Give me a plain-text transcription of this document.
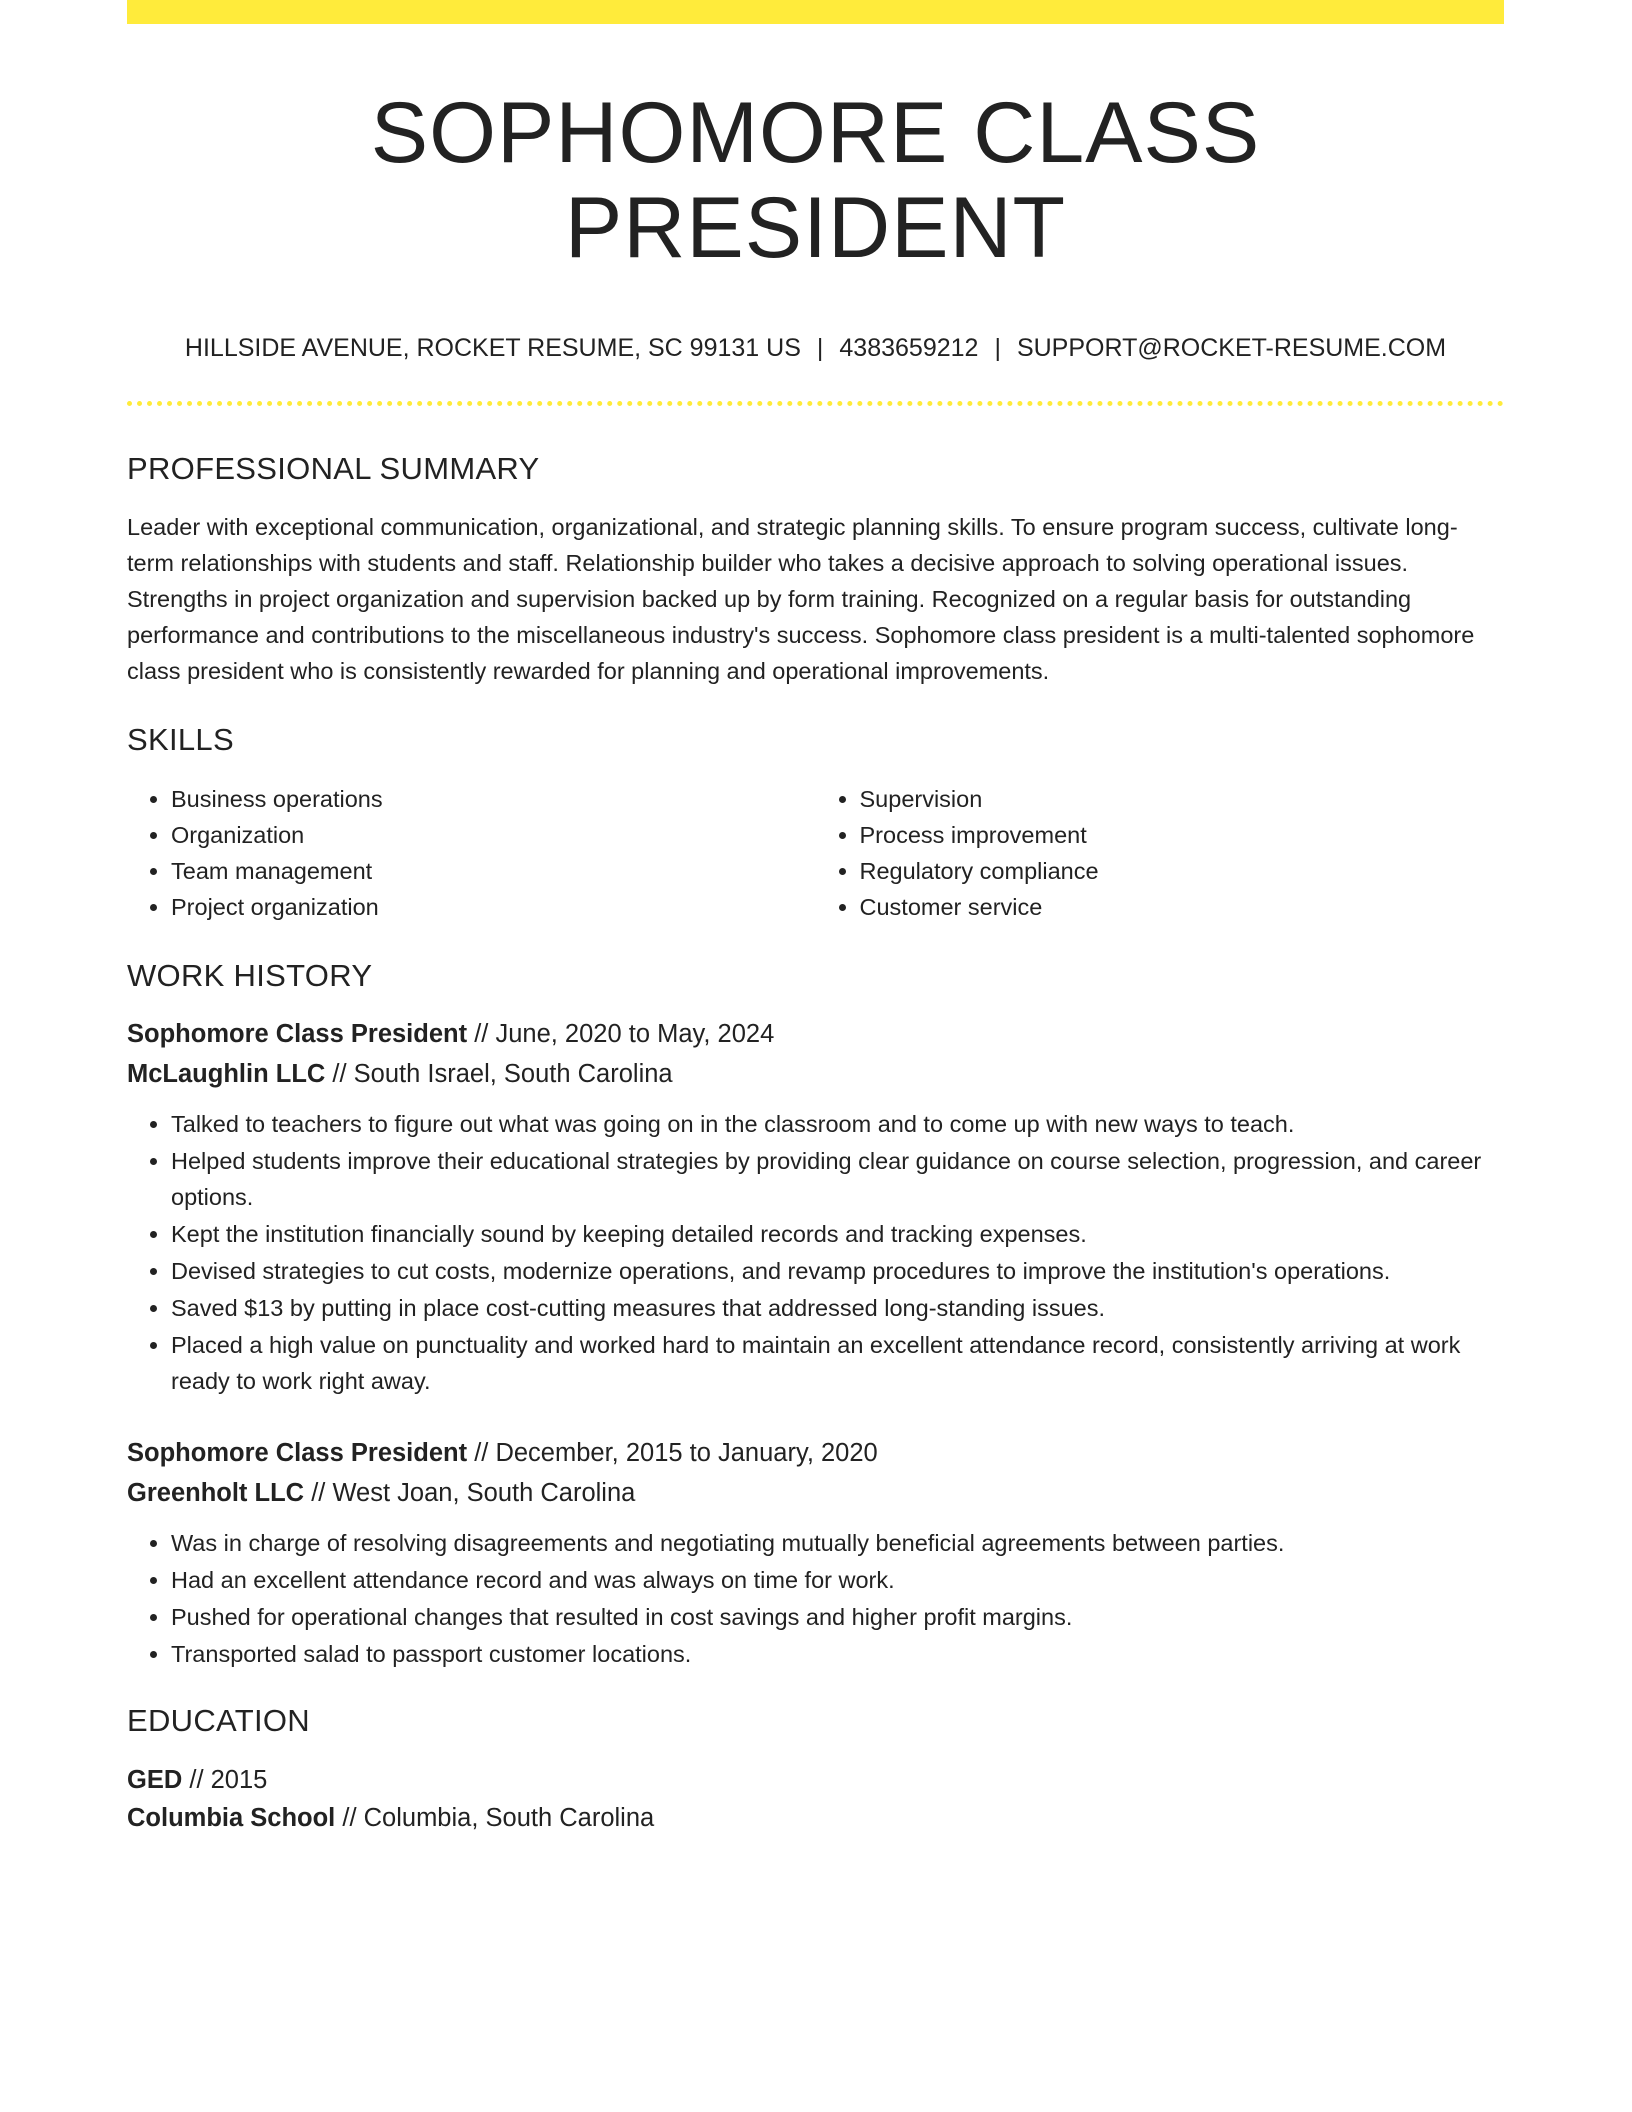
SOPHOMORE CLASS PRESIDENT
HILLSIDE AVENUE, ROCKET RESUME, SC 99131 US | 4383659212 | SUPPORT@ROCKET-RESUME.COM
PROFESSIONAL SUMMARY
Leader with exceptional communication, organizational, and strategic planning skills. To ensure program success, cultivate long-term relationships with students and staff. Relationship builder who takes a decisive approach to solving operational issues. Strengths in project organization and supervision backed up by form training. Recognized on a regular basis for outstanding performance and contributions to the miscellaneous industry's success. Sophomore class president is a multi-talented sophomore class president who is consistently rewarded for planning and operational improvements.
SKILLS
• Business operations
• Organization
• Team management
• Project organization
• Supervision
• Process improvement
• Regulatory compliance
• Customer service
WORK HISTORY
Sophomore Class President // June, 2020 to May, 2024
McLaughlin LLC // South Israel, South Carolina
• Talked to teachers to figure out what was going on in the classroom and to come up with new ways to teach.
• Helped students improve their educational strategies by providing clear guidance on course selection, progression, and career options.
• Kept the institution financially sound by keeping detailed records and tracking expenses.
• Devised strategies to cut costs, modernize operations, and revamp procedures to improve the institution's operations.
• Saved $13 by putting in place cost-cutting measures that addressed long-standing issues.
• Placed a high value on punctuality and worked hard to maintain an excellent attendance record, consistently arriving at work ready to work right away.
Sophomore Class President // December, 2015 to January, 2020
Greenholt LLC // West Joan, South Carolina
• Was in charge of resolving disagreements and negotiating mutually beneficial agreements between parties.
• Had an excellent attendance record and was always on time for work.
• Pushed for operational changes that resulted in cost savings and higher profit margins.
• Transported salad to passport customer locations.
EDUCATION
GED // 2015
Columbia School // Columbia, South Carolina
